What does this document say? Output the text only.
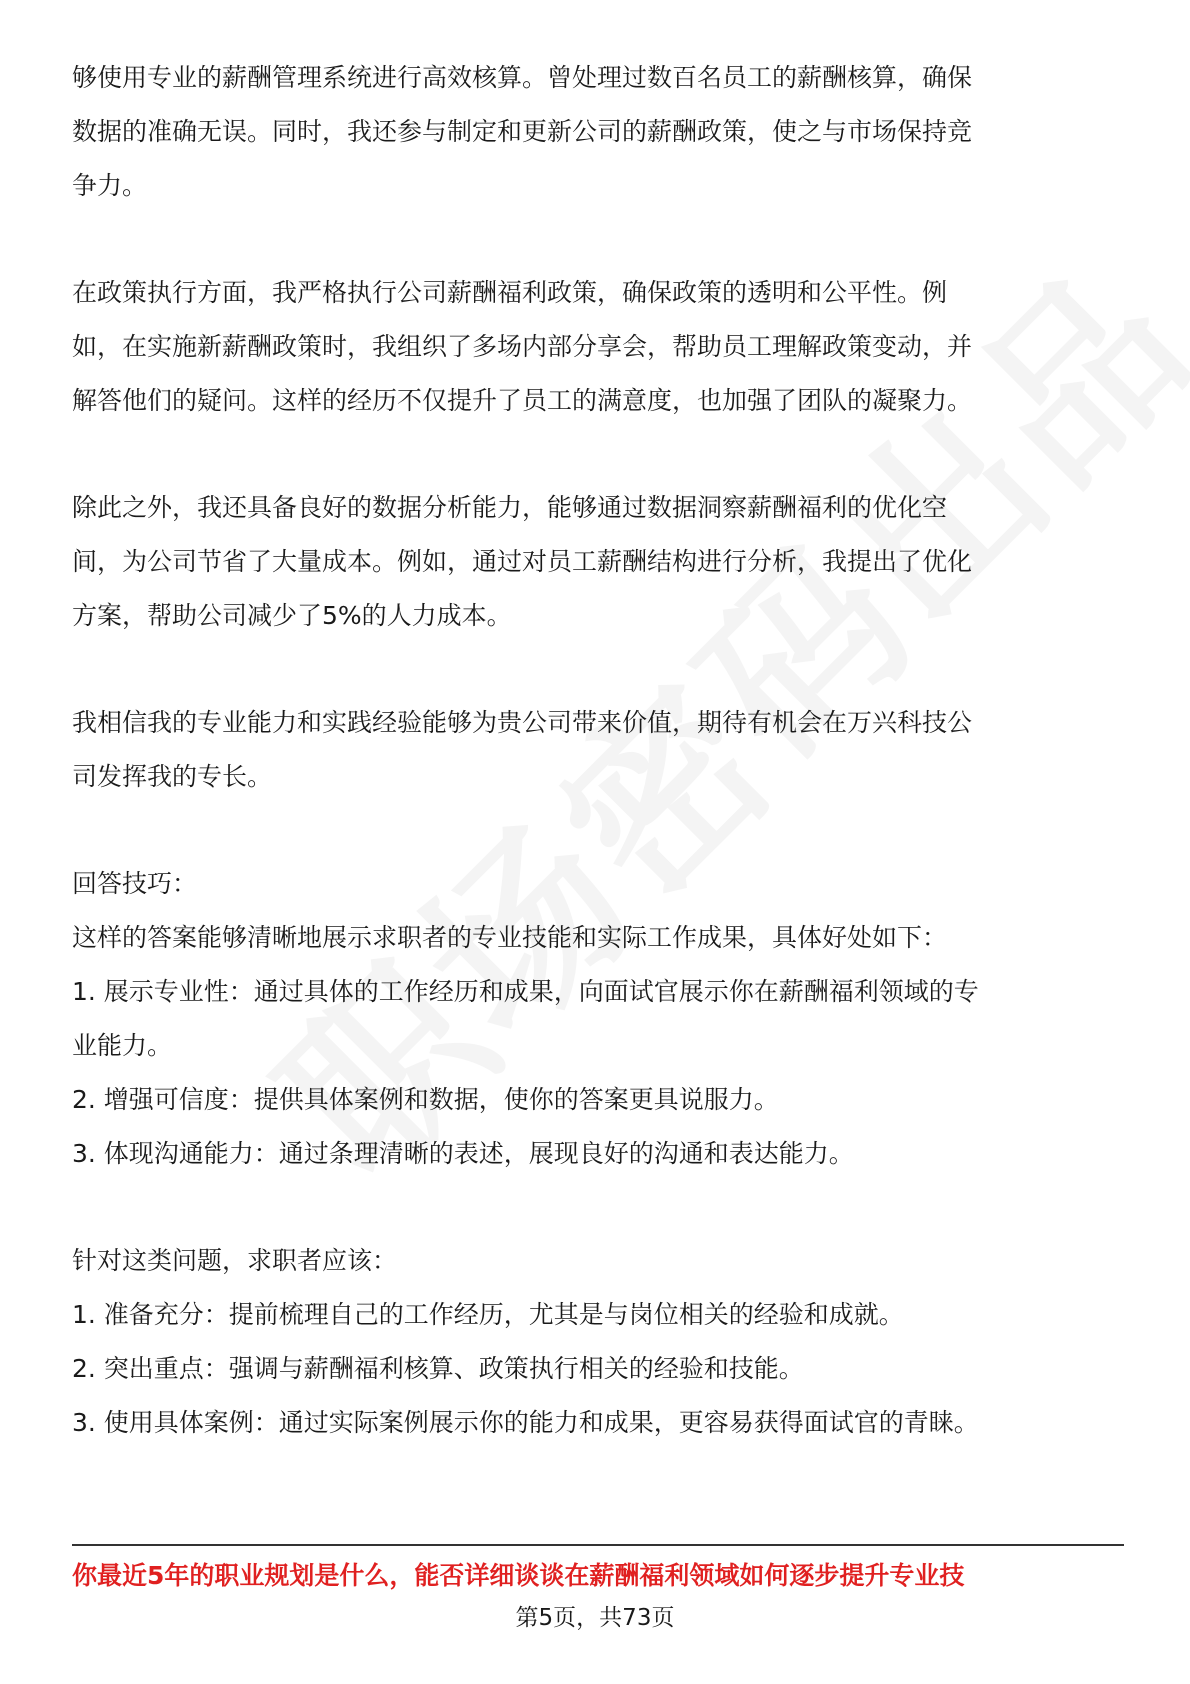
够使用专业的薪酬管理系统进行高效核算。曾处理过数百名员工的薪酬核算，确保
数据的准确无误。同时，我还参与制定和更新公司的薪酬政策，使之与市场保持竞
争力。
在政策执行方面，我严格执行公司薪酬福利政策，确保政策的透明和公平性。例
如，在实施新薪酬政策时，我组织了多场内部分享会，帮助员工理解政策变动，并
解答他们的疑问。这样的经历不仅提升了员工的满意度，也加强了团队的凝聚力。
除此之外，我还具备良好的数据分析能力，能够通过数据洞察薪酬福利的优化空
间，为公司节省了大量成本。例如，通过对员工薪酬结构进行分析，我提出了优化
方案，帮助公司减少了5%的人力成本。
我相信我的专业能力和实践经验能够为贵公司带来价值，期待有机会在万兴科技公
司发挥我的专长。
回答技巧：
这样的答案能够清晰地展示求职者的专业技能和实际工作成果，具体好处如下：
1. 展示专业性：通过具体的工作经历和成果，向面试官展示你在薪酬福利领域的专
业能力。
2. 增强可信度：提供具体案例和数据，使你的答案更具说服力。
3. 体现沟通能力：通过条理清晰的表述，展现良好的沟通和表达能力。
针对这类问题，求职者应该：
1. 准备充分：提前梳理自己的工作经历，尤其是与岗位相关的经验和成就。
2. 突出重点：强调与薪酬福利核算、政策执行相关的经验和技能。
3. 使用具体案例：通过实际案例展示你的能力和成果，更容易获得面试官的青睐。
你最近5年的职业规划是什么，能否详细谈谈在薪酬福利领域如何逐步提升专业技
第5页，共73页
